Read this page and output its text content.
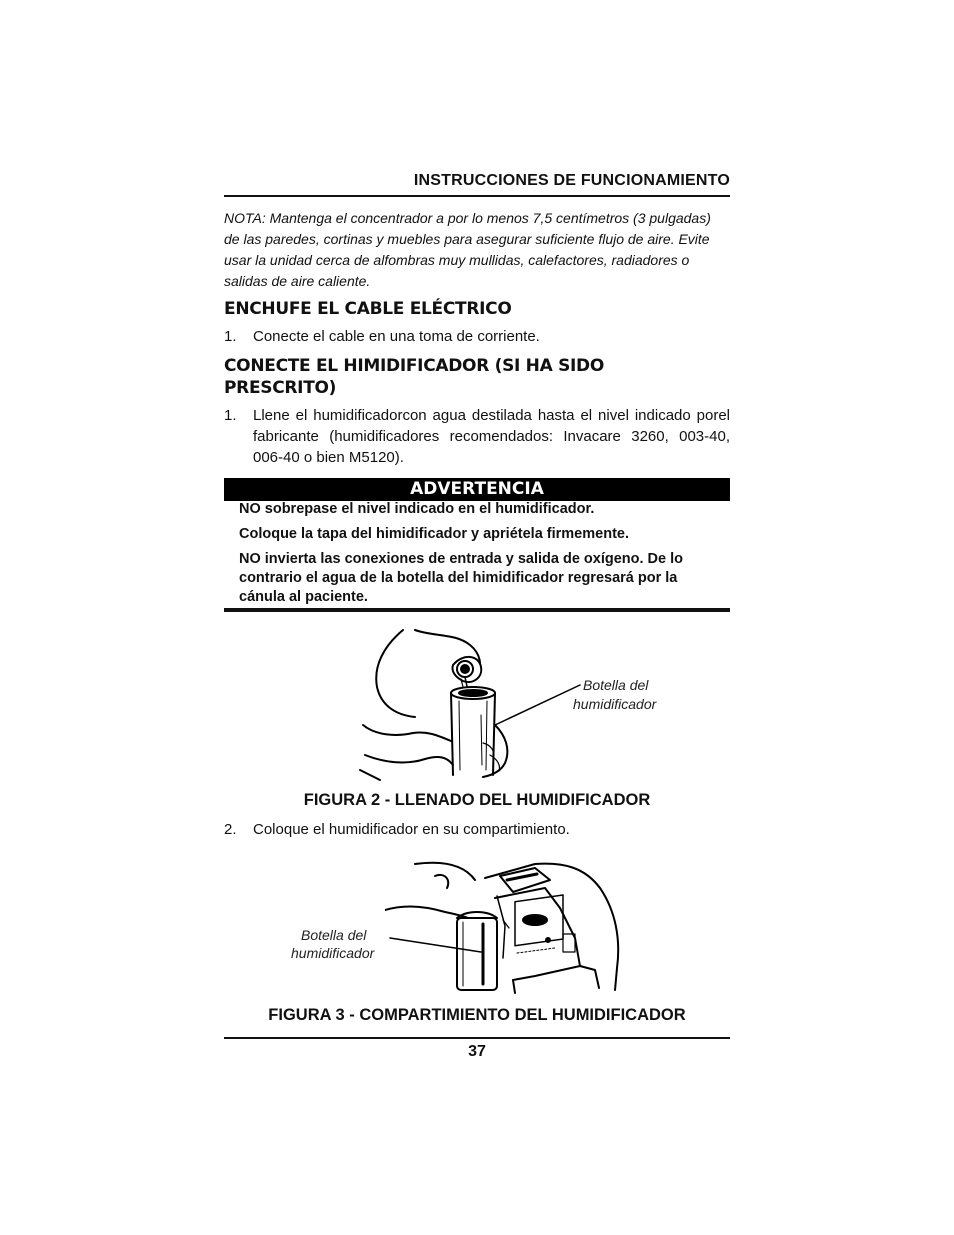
INSTRUCCIONES DE FUNCIONAMIENTO
NOTA: Mantenga el concentrador a por lo menos 7,5 centímetros (3 pulgadas) de las paredes, cortinas y muebles para asegurar suficiente flujo de aire. Evite usar la unidad cerca de alfombras muy mullidas, calefactores, radiadores o salidas de aire caliente.
ENCHUFE EL CABLE ELÉCTRICO
1. Conecte el cable en una toma de corriente.
CONECTE EL HIMIDIFICADOR (SI HA SIDO
PRESCRITO)
1. Llene el humidificadorcon agua destilada hasta el nivel indicado porel fabricante (humidificadores recomendados: Invacare 3260, 003-40, 006-40 o bien M5120).
ADVERTENCIA
NO sobrepase el nivel indicado en el humidificador.
Coloque la tapa del himidificador y apriételа firmemente.
NO invierta las conexiones de entrada y salida de oxígeno. De lo contrario el agua de la botella del himidificador regresará por la cánula al paciente.
Botella del
humidificador
FIGURA 2 - LLENADO DEL HUMIDIFICADOR
2. Coloque el humidificador en su compartimiento.
Botella del
humidificador
FIGURA 3 - COMPARTIMIENTO DEL HUMIDIFICADOR
37
